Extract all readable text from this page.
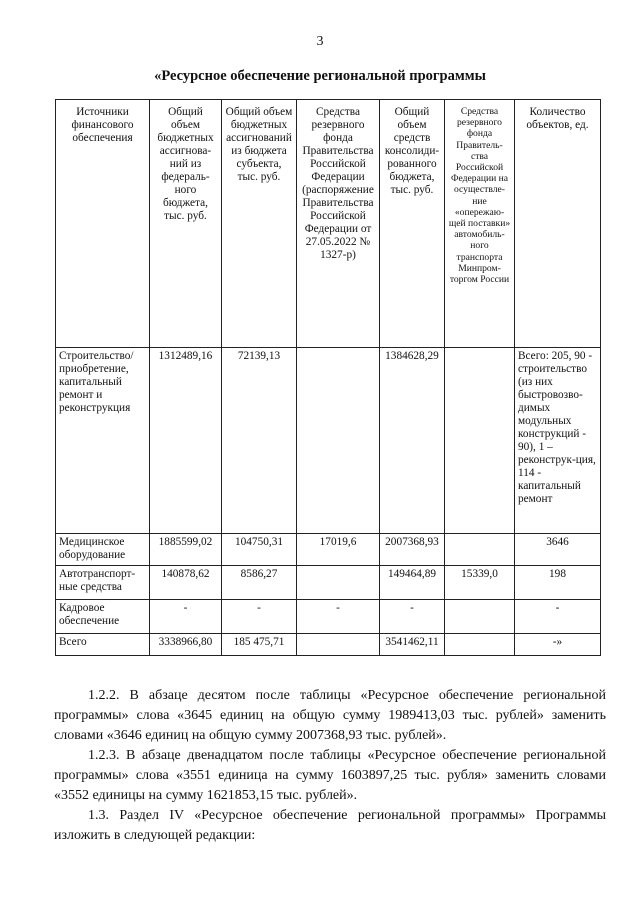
3
«Ресурсное обеспечение региональной программы
Источники финансового обеспечения	Общий объем бюджетных ассигнова-ний из федераль-ного бюджета, тыс. руб.	Общий объем бюджетных ассигнований из бюджета субъекта, тыс. руб.	Средства резервного фонда Правительства Российской Федерации (распоряжение Правительства Российской Федерации от 27.05.2022 № 1327-р)	Общий объем средств консолиди-рованного бюджета, тыс. руб.	Средства резервного фонда Правитель-ства Российской Федерации на осуществле-ние «опережаю-щей поставки» автомобиль-ного транспорта Минпром-торгом России	Количество объектов, ед.
Строительство/ приобретение, капитальный ремонт и реконструкция	1312489,16	72139,13		1384628,29		Всего: 205, 90 - строительство (из них быстровозво-димых модульных конструкций - 90), 1 – реконструк-ция, 114 - капитальный ремонт
Медицинское оборудование	1885599,02	104750,31	17019,6	2007368,93		3646
Автотранспорт-ные средства	140878,62	8586,27		149464,89	15339,0	198
Кадровое обеспечение	-	-	-	-		-
Всего	3338966,80	185 475,71		3541462,11		-»

1.2.2. В абзаце десятом после таблицы «Ресурсное обеспечение региональной программы» слова «3645 единиц на общую сумму 1989413,03 тыс. рублей» заменить словами «3646 единиц на общую сумму 2007368,93 тыс. рублей».

1.2.3. В абзаце двенадцатом после таблицы «Ресурсное обеспечение региональной программы» слова «3551 единица на сумму 1603897,25 тыс. рубля» заменить словами «3552 единицы на сумму 1621853,15 тыс. рублей».

1.3. Раздел IV «Ресурсное обеспечение региональной программы» Программы изложить в следующей редакции:
